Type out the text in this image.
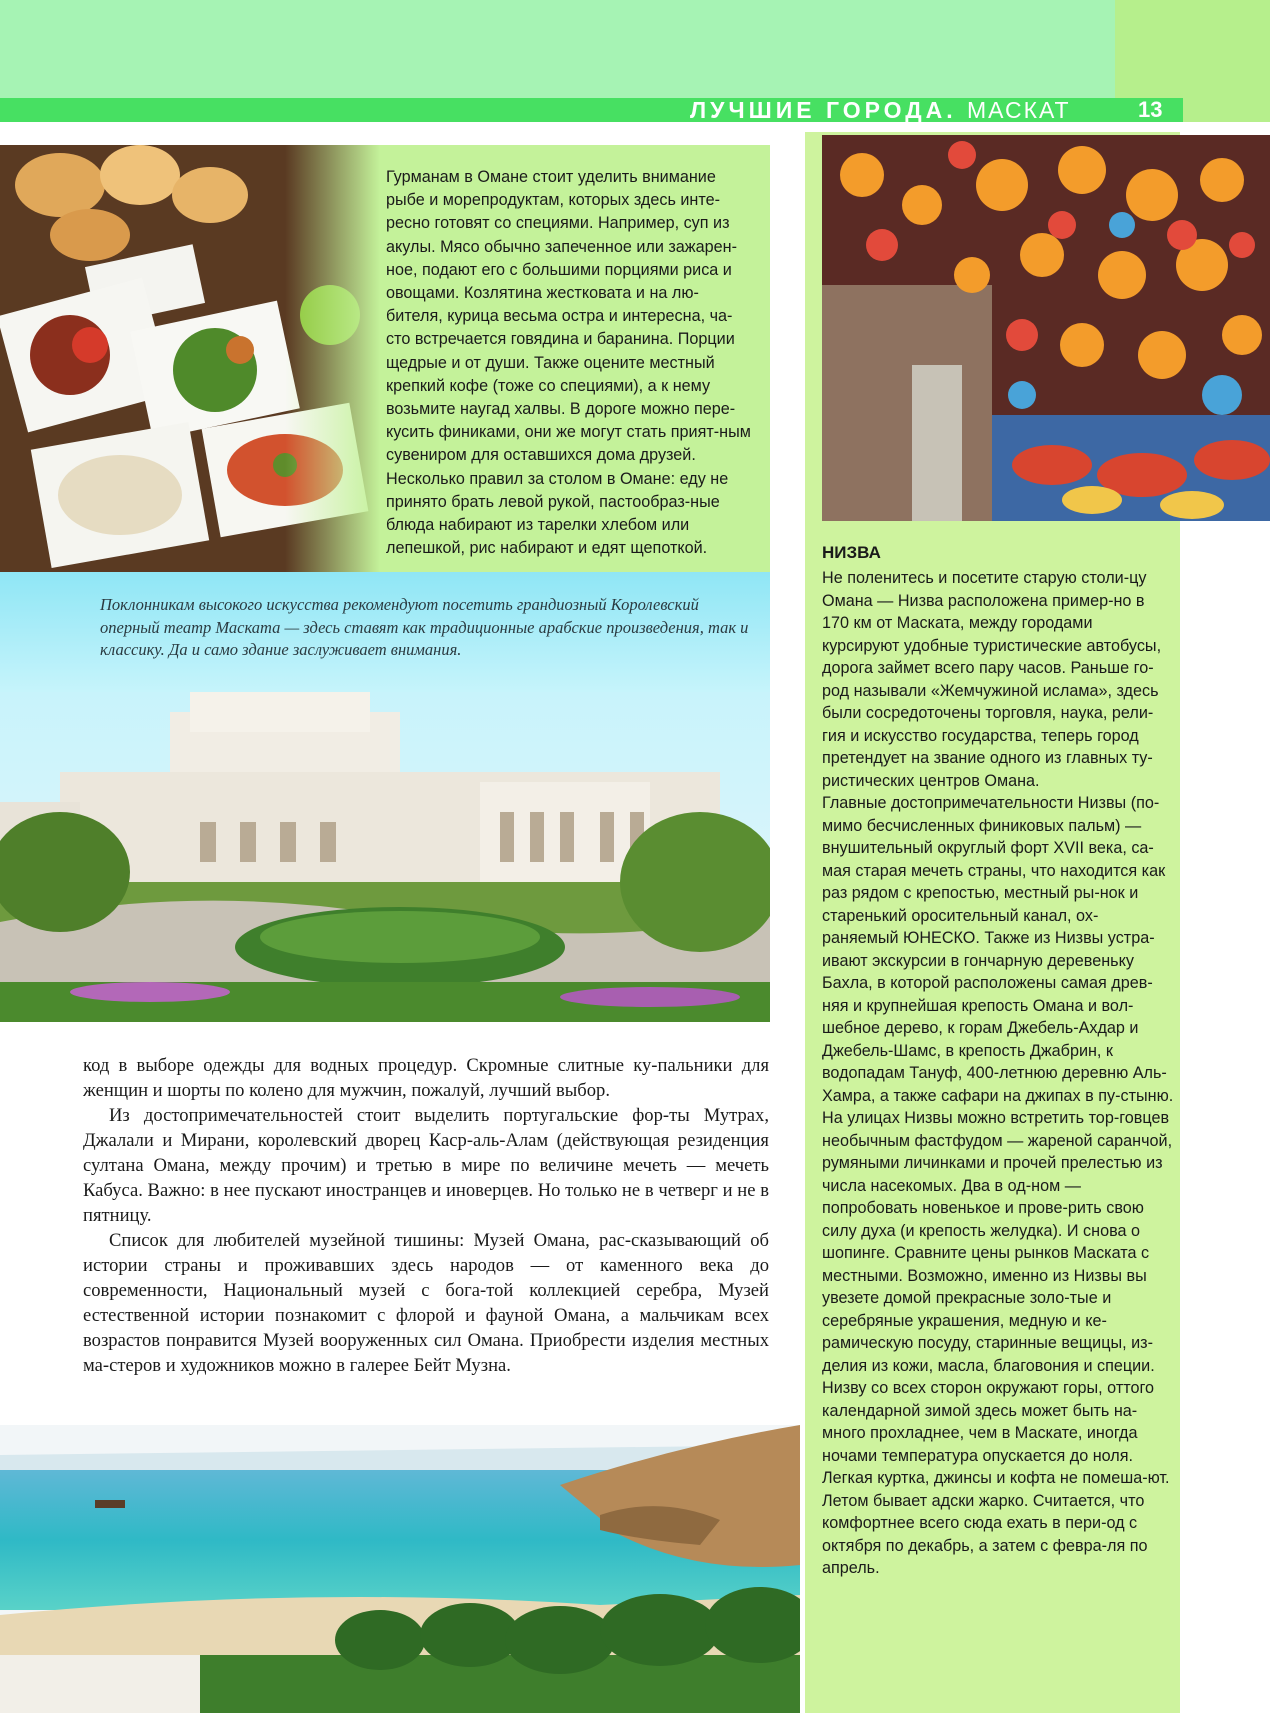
ЛУЧШИЕ ГОРОДА. МАСКАТ	13
Гурманам в Омане стоит уделить внимание рыбе и морепродуктам, которых здесь инте-ресно готовят со специями. Например, суп из акулы. Мясо обычно запеченное или зажарен-ное, подают его с большими порциями риса и овощами. Козлятина жестковата и на лю-бителя, курица весьма остра и интересна, ча-сто встречается говядина и баранина. Порции щедрые и от души. Также оцените местный крепкий кофе (тоже со специями), а к нему возьмите наугад халвы. В дороге можно пере-кусить финиками, они же могут стать прият-ным сувениром для оставшихся дома друзей. Несколько правил за столом в Омане: еду не принято брать левой рукой, пастообраз-ные блюда набирают из тарелки хлебом или лепешкой, рис набирают и едят щепоткой.
Поклонникам высокого искусства рекомендуют посетить грандиозный Королевский оперный театр Маската — здесь ставят как традиционные арабские произведения, так и классику. Да и само здание заслуживает внимания.

код в выборе одежды для водных процедур. Скромные слитные ку-пальники для женщин и шорты по колено для мужчин, пожалуй, лучший выбор.

Из достопримечательностей стоит выделить португальские фор-ты Мутрах, Джалали и Мирани, королевский дворец Каср-аль-Алам (действующая резиденция султана Омана, между прочим) и третью в мире по величине мечеть — мечеть Кабуса. Важно: в нее пускают иностранцев и иноверцев. Но только не в четверг и не в пятницу.

Список для любителей музейной тишины: Музей Омана, рас-сказывающий об истории страны и проживавших здесь народов — от каменного века до современности, Национальный музей с бога-той коллекцией серебра, Музей естественной истории познакомит с флорой и фауной Омана, а мальчикам всех возрастов понравится Музей вооруженных сил Омана. Приобрести изделия местных ма-стеров и художников можно в галерее Бейт Музна.

НИЗВА

Не поленитесь и посетите старую столи-цу Омана — Низва расположена пример-но в 170 км от Маската, между городами курсируют удобные туристические автобусы, дорога займет всего пару часов. Раньше го-род называли «Жемчужиной ислама», здесь были сосредоточены торговля, наука, рели-гия и искусство государства, теперь город претендует на звание одного из главных ту-ристических центров Омана.

Главные достопримечательности Низвы (по-мимо бесчисленных финиковых пальм) — внушительный округлый форт XVII века, са-мая старая мечеть страны, что находится как раз рядом с крепостью, местный ры-нок и старенький оросительный канал, ох-раняемый ЮНЕСКО. Также из Низвы устра-ивают экскурсии в гончарную деревеньку Бахла, в которой расположены самая древ-няя и крупнейшая крепость Омана и вол-шебное дерево, к горам Джебель-Ахдар и Джебель-Шамс, в крепость Джабрин, к водопадам Тануф, 400-летнюю деревню Аль-Хамра, а также сафари на джипах в пу-стыню.

На улицах Низвы можно встретить тор-говцев необычным фастфудом — жареной саранчой, румяными личинками и прочей прелестью из числа насекомых. Два в од-ном — попробовать новенькое и прове-рить свою силу духа (и крепость желудка). И снова о шопинге. Сравните цены рынков Маската с местными. Возможно, именно из Низвы вы увезете домой прекрасные золо-тые и серебряные украшения, медную и ке-рамическую посуду, старинные вещицы, из-делия из кожи, масла, благовония и специи.

Низву со всех сторон окружают горы, оттого календарной зимой здесь может быть на-много прохладнее, чем в Маскате, иногда ночами температура опускается до ноля. Легкая куртка, джинсы и кофта не помеша-ют. Летом бывает адски жарко. Считается, что комфортнее всего сюда ехать в пери-од с октября по декабрь, а затем с февра-ля по апрель.
